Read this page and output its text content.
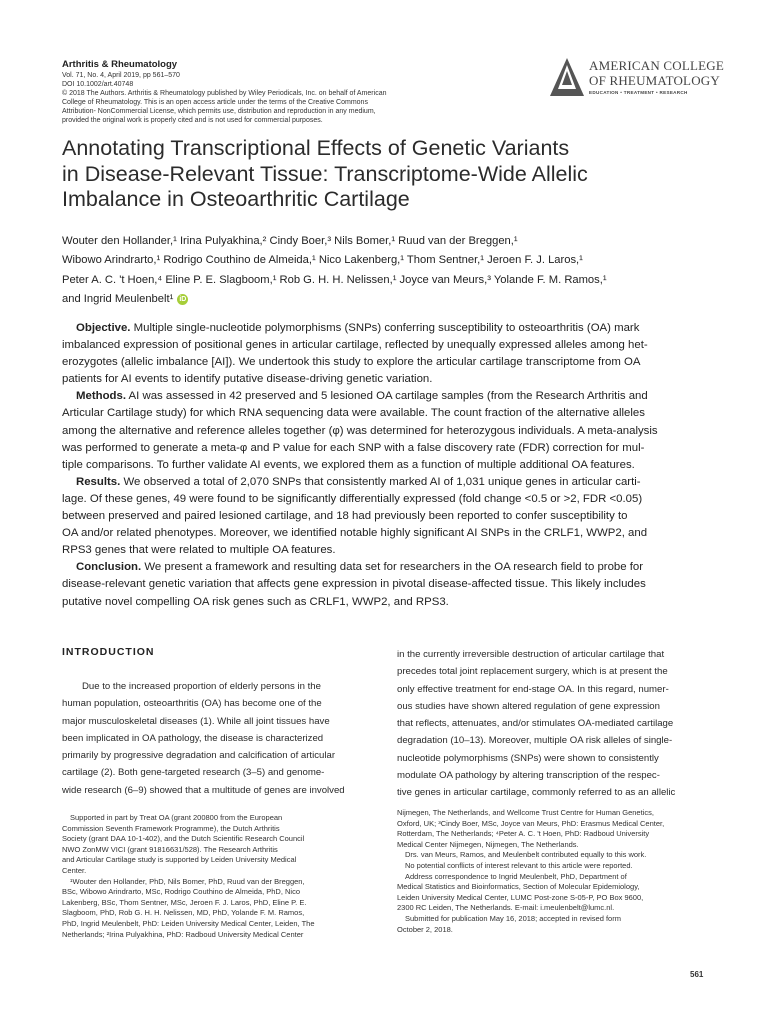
Arthritis & Rheumatology
Vol. 71, No. 4, April 2019, pp 561–570
DOI 10.1002/art.40748
© 2018 The Authors. Arthritis & Rheumatology published by Wiley Periodicals, Inc. on behalf of American
College of Rheumatology. This is an open access article under the terms of the Creative Commons
Attribution- NonCommercial License, which permits use, distribution and reproduction in any medium,
provided the original work is properly cited and is not used for commercial purposes.
AMERICAN COLLEGE
OF RHEUMATOLOGY
EDUCATION • TREATMENT • RESEARCH
Annotating Transcriptional Effects of Genetic Variants
in Disease-Relevant Tissue: Transcriptome-Wide Allelic
Imbalance in Osteoarthritic Cartilage
Wouter den Hollander,¹ Irina Pulyakhina,² Cindy Boer,³ Nils Bomer,¹ Ruud van der Breggen,¹
Wibowo Arindrarto,¹ Rodrigo Couthino de Almeida,¹ Nico Lakenberg,¹ Thom Sentner,¹ Jeroen F. J. Laros,¹
Peter A. C. 't Hoen,⁴ Eline P. E. Slagboom,¹ Rob G. H. H. Nelissen,¹ Joyce van Meurs,³ Yolande F. M. Ramos,¹
and Ingrid Meulenbelt¹ iD
Objective. Multiple single-nucleotide polymorphisms (SNPs) conferring susceptibility to osteoarthritis (OA) mark
imbalanced expression of positional genes in articular cartilage, reflected by unequally expressed alleles among het-
erozygotes (allelic imbalance [AI]). We undertook this study to explore the articular cartilage transcriptome from OA
patients for AI events to identify putative disease-driving genetic variation.
Methods. AI was assessed in 42 preserved and 5 lesioned OA cartilage samples (from the Research Arthritis and
Articular Cartilage study) for which RNA sequencing data were available. The count fraction of the alternative alleles
among the alternative and reference alleles together (φ) was determined for heterozygous individuals. A meta-analysis
was performed to generate a meta-φ and P value for each SNP with a false discovery rate (FDR) correction for mul-
tiple comparisons. To further validate AI events, we explored them as a function of multiple additional OA features.
Results. We observed a total of 2,070 SNPs that consistently marked AI of 1,031 unique genes in articular carti-
lage. Of these genes, 49 were found to be significantly differentially expressed (fold change <0.5 or >2, FDR <0.05)
between preserved and paired lesioned cartilage, and 18 had previously been reported to confer susceptibility to
OA and/or related phenotypes. Moreover, we identified notable highly significant AI SNPs in the CRLF1, WWP2, and
RPS3 genes that were related to multiple OA features.
Conclusion. We present a framework and resulting data set for researchers in the OA research field to probe for
disease-relevant genetic variation that affects gene expression in pivotal disease-affected tissue. This likely includes
putative novel compelling OA risk genes such as CRLF1, WWP2, and RPS3.
INTRODUCTION
Due to the increased proportion of elderly persons in the
human population, osteoarthritis (OA) has become one of the
major musculoskeletal diseases (1). While all joint tissues have
been implicated in OA pathology, the disease is characterized
primarily by progressive degradation and calcification of articular
cartilage (2). Both gene-targeted research (3–5) and genome-
wide research (6–9) showed that a multitude of genes are involved
in the currently irreversible destruction of articular cartilage that
precedes total joint replacement surgery, which is at present the
only effective treatment for end-stage OA. In this regard, numer-
ous studies have shown altered regulation of gene expression
that reflects, attenuates, and/or stimulates OA-mediated cartilage
degradation (10–13). Moreover, multiple OA risk alleles of single-
nucleotide polymorphisms (SNPs) were shown to consistently
modulate OA pathology by altering transcription of the respec-
tive genes in articular cartilage, commonly referred to as an allelic
Supported in part by Treat OA (grant 200800 from the European
Commission Seventh Framework Programme), the Dutch Arthritis
Society (grant DAA 10-1-402), and the Dutch Scientific Research Council
NWO ZonMW VICI (grant 91816631/528). The Research Arthritis
and Articular Cartilage study is supported by Leiden University Medical
Center.
¹Wouter den Hollander, PhD, Nils Bomer, PhD, Ruud van der Breggen,
BSc, Wibowo Arindrarto, MSc, Rodrigo Couthino de Almeida, PhD, Nico
Lakenberg, BSc, Thom Sentner, MSc, Jeroen F. J. Laros, PhD, Eline P. E.
Slagboom, PhD, Rob G. H. H. Nelissen, MD, PhD, Yolande F. M. Ramos,
PhD, Ingrid Meulenbelt, PhD: Leiden University Medical Center, Leiden, The
Netherlands; ²Irina Pulyakhina, PhD: Radboud University Medical Center
Nijmegen, The Netherlands, and Wellcome Trust Centre for Human Genetics,
Oxford, UK; ³Cindy Boer, MSc, Joyce van Meurs, PhD: Erasmus Medical Center,
Rotterdam, The Netherlands; ⁴Peter A. C. 't Hoen, PhD: Radboud University
Medical Center Nijmegen, Nijmegen, The Netherlands.
Drs. van Meurs, Ramos, and Meulenbelt contributed equally to this work.
No potential conflicts of interest relevant to this article were reported.
Address correspondence to Ingrid Meulenbelt, PhD, Department of
Medical Statistics and Bioinformatics, Section of Molecular Epidemiology,
Leiden University Medical Center, LUMC Post-zone S-05-P, PO Box 9600,
2300 RC Leiden, The Netherlands. E-mail: i.meulenbelt@lumc.nl.
Submitted for publication May 16, 2018; accepted in revised form
October 2, 2018.
561
